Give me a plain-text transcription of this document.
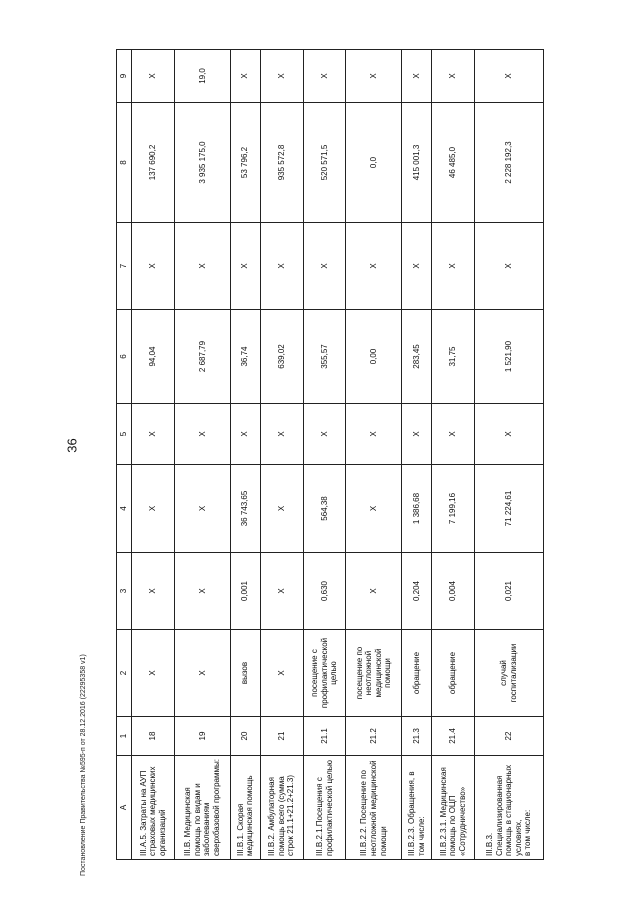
36
А	1	2	3	4	5	6	7	8	9
III.А.5. Затраты на АУП страховых медицинских организаций	18	Х	Х	Х	Х	94,04	Х	137 690,2	Х
III.В. Медицинская помощь по видам и заболеваниям сверхбазовой программы:	19	Х	Х	Х	Х	2 687,79	Х	3 935 175,0	19,0
III.В.1. Скорая медицинская помощь	20	вызов	0,001	36 743,65	Х	36,74	Х	53 796,2	Х
III.В.2. Амбулаторная помощь всего (сумма строк 21.1+21.2+21.3)	21	Х	Х	Х	Х	639,02	Х	935 572,8	Х
III.В.2.1.Посещения с профилактической целью	21.1	посещение с профилактической целью	0,630	564,38	Х	355,57	Х	520 571,5	Х
III.В.2.2. Посещение по неотложной медицинской помощи	21.2	посещение по неотложной медицинской помощи	Х	Х	Х	0,00	Х	0,0	Х
III.В.2.3. Обращения, в том числе:	21.3	обращение	0,204	1 386,68	Х	283,45	Х	415 001,3	Х
III.В.2.3.1. Медицинская помощь по ОЦП «Сотрудничество»	21.4	обращение	0,004	7 199,16	Х	31,75	Х	46 485,0	Х

III.В.3. Специализированная помощь в стационарных условиях, в том числе:	22	случай госпитализации	0,021	71 224,61	Х	1 521,90	Х	2 228 192,3	Х
Постановление Правительства №595-п от 28.12.2016 (22295358 v1)
